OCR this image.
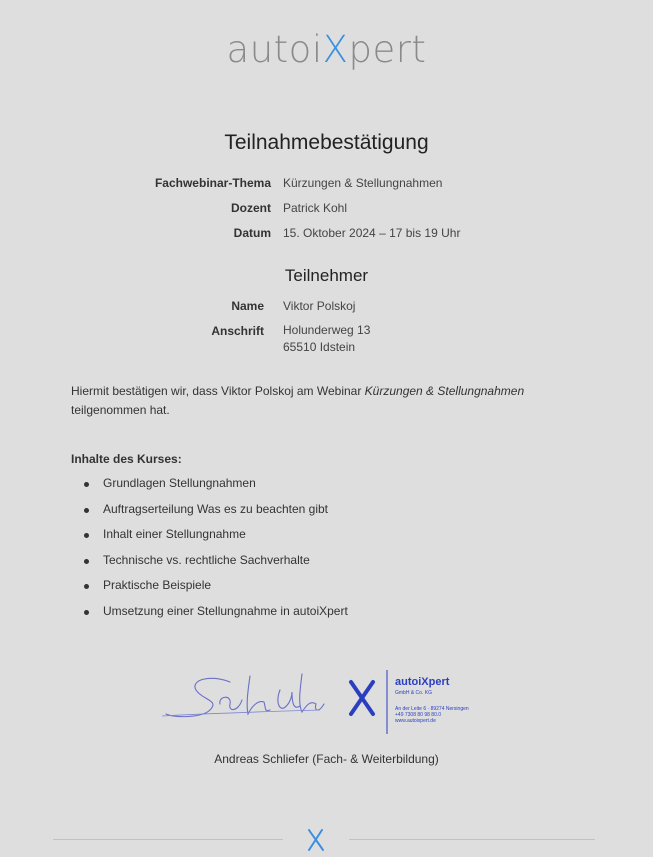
autoiXpert
Teilnahmebestätigung
Fachwebinar-Thema Kürzungen & Stellungnahmen
Dozent Patrick Kohl
Datum 15. Oktober 2024 – 17 bis 19 Uhr
Teilnehmer
Name Viktor Polskoj
Anschrift Holunderweg 13
65510 Idstein
Hiermit bestätigen wir, dass Viktor Polskoj am Webinar Kürzungen & Stellungnahmen teilgenommen hat.
Inhalte des Kurses:
Grundlagen Stellungnahmen
Auftragserteilung Was es zu beachten gibt
Inhalt einer Stellungnahme
Technische vs. rechtliche Sachverhalte
Praktische Beispiele
Umsetzung einer Stellungnahme in autoiXpert
autoiXpert
GmbH & Co. KG
An der Leite 6 · 89274 Nersingen
+49 7308 80 98 80.0
www.autoixpert.de
Andreas Schliefer (Fach- & Weiterbildung)
